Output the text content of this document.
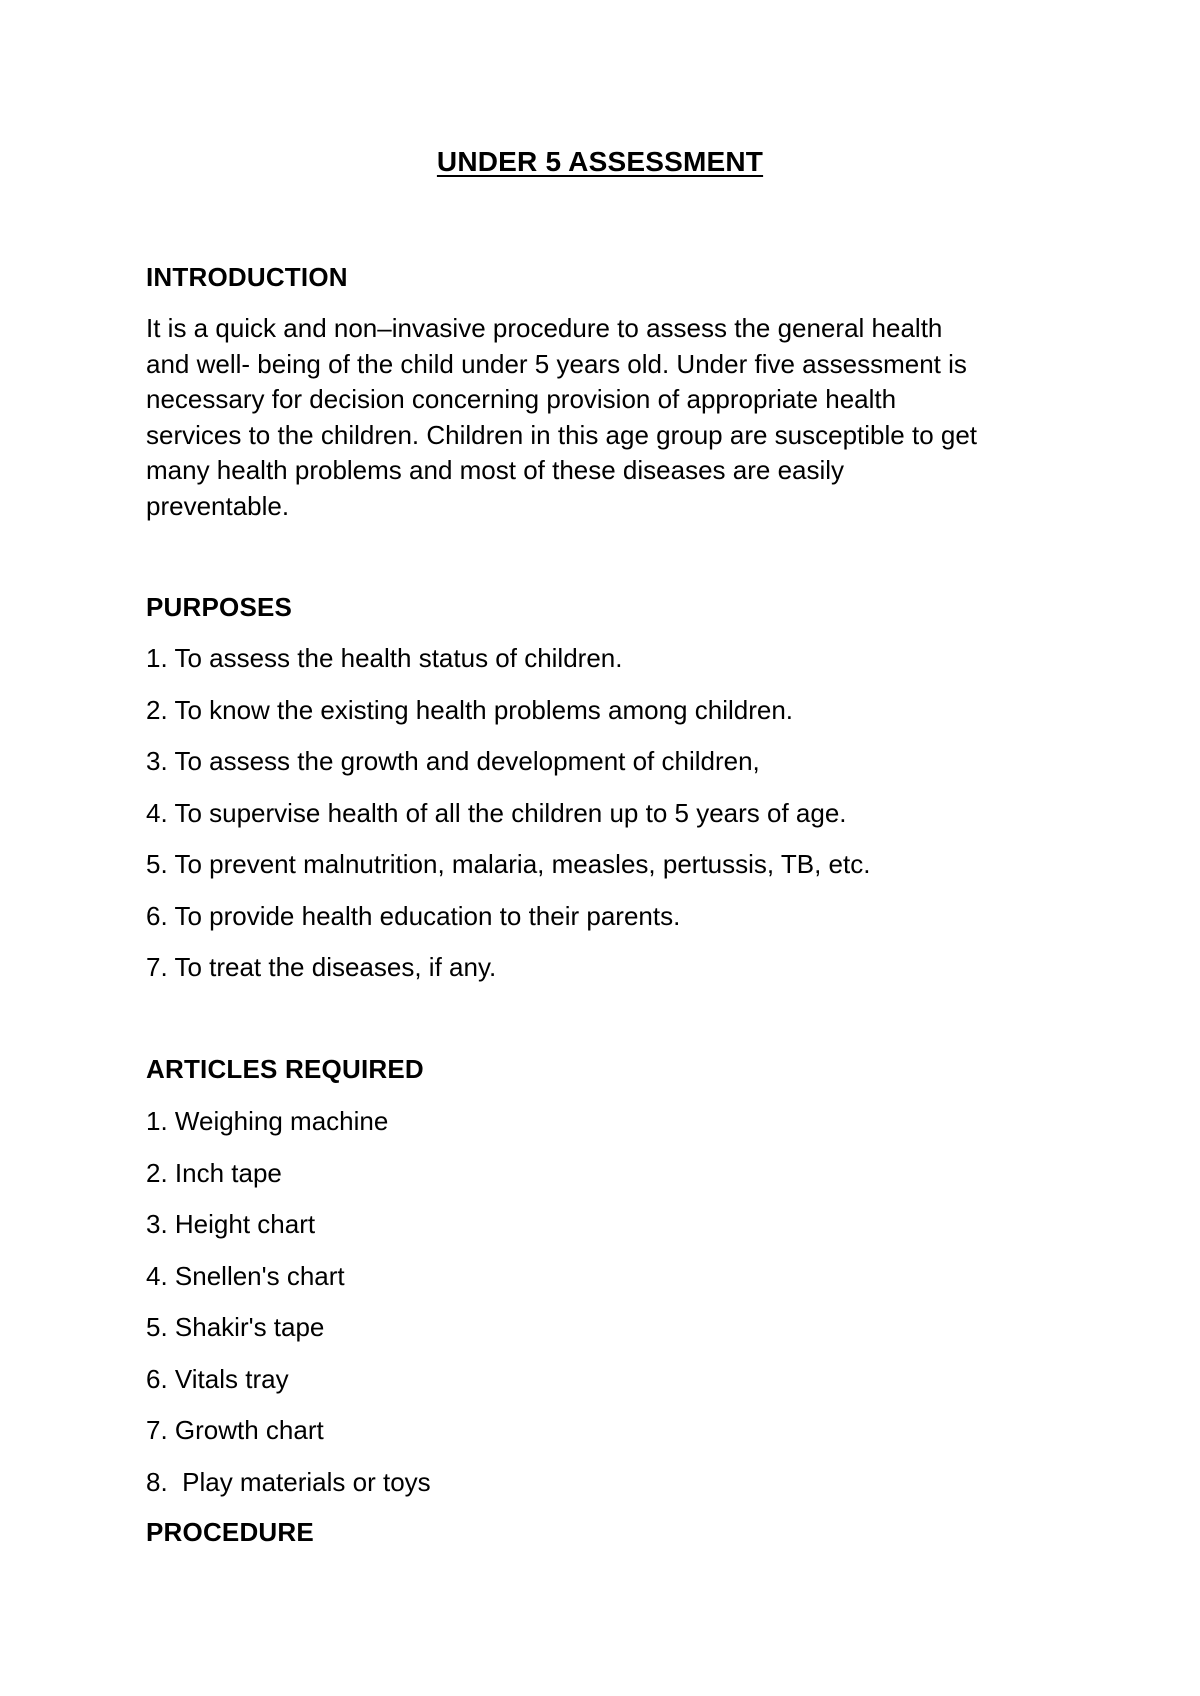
UNDER 5 ASSESSMENT
INTRODUCTION
It is a quick and non–invasive procedure to assess the general health
and well- being of the child under 5 years old. Under five assessment is
necessary for decision concerning provision of appropriate health
services to the children. Children in this age group are susceptible to get
many health problems and most of these diseases are easily
preventable.
PURPOSES
1. To assess the health status of children.
2. To know the existing health problems among children.
3. To assess the growth and development of children,
4. To supervise health of all the children up to 5 years of age.
5. To prevent malnutrition, malaria, measles, pertussis, TB, etc.
6. To provide health education to their parents.
7. To treat the diseases, if any.
ARTICLES REQUIRED
1. Weighing machine
2. Inch tape
3. Height chart
4. Snellen's chart
5. Shakir's tape
6. Vitals tray
7. Growth chart
8.  Play materials or toys
PROCEDURE
